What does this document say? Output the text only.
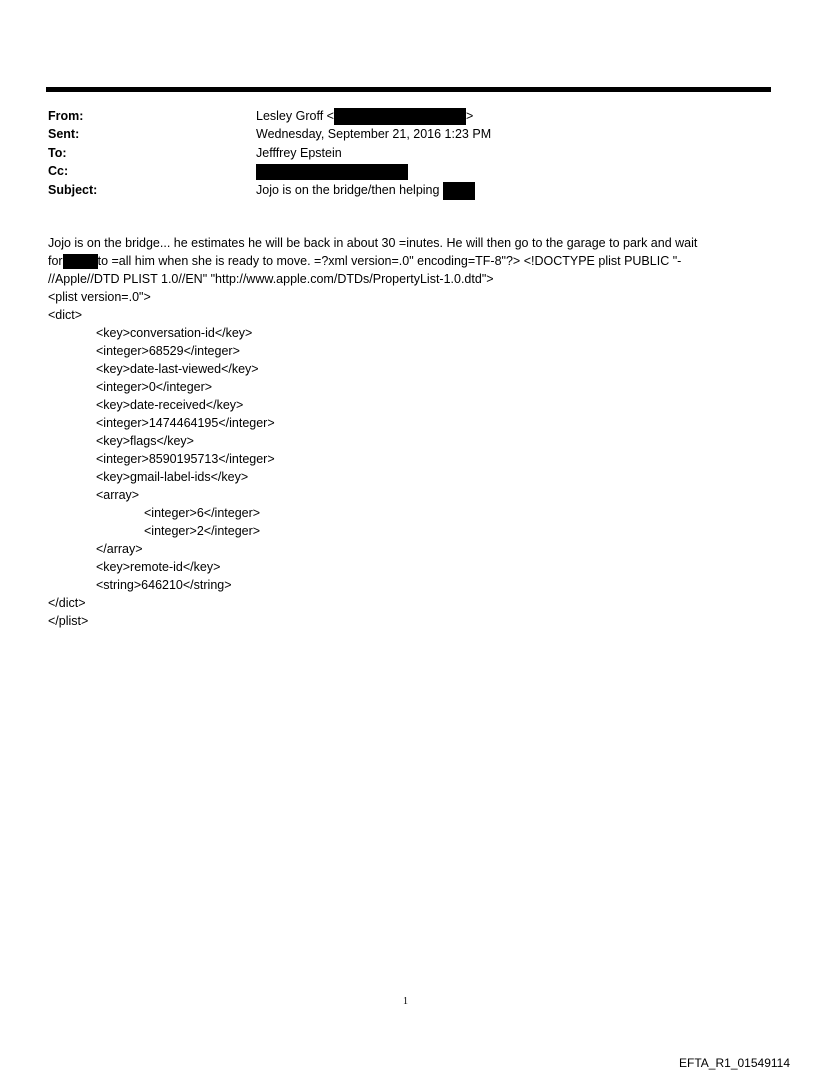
From:	Lesley Groff <	>
Sent:	Wednesday, September 21, 2016 1:23 PM
To:	Jefffrey Epstein
Cc:
Subject:	Jojo is on the bridge/then helping

Jojo is on the bridge... he estimates he will be back in about 30 =inutes. He will then go to the garage to park and wait

for	to =all him when she is ready to move. =?xml version=.0" encoding=TF-8"?> <!DOCTYPE plist PUBLIC "-

//Apple//DTD PLIST 1.0//EN" "http://www.apple.com/DTDs/PropertyList-1.0.dtd">

<plist version=.0">

<dict>

<key>conversation-id</key>

<integer>68529</integer>

<key>date-last-viewed</key>

<integer>0</integer>

<key>date-received</key>

<integer>1474464195</integer>

<key>flags</key>

<integer>8590195713</integer>

<key>gmail-label-ids</key>

<array>

<integer>6</integer>

<integer>2</integer>

</array>

<key>remote-id</key>

<string>646210</string>

</dict>

</plist>

1
EFTA_R1_01549114
